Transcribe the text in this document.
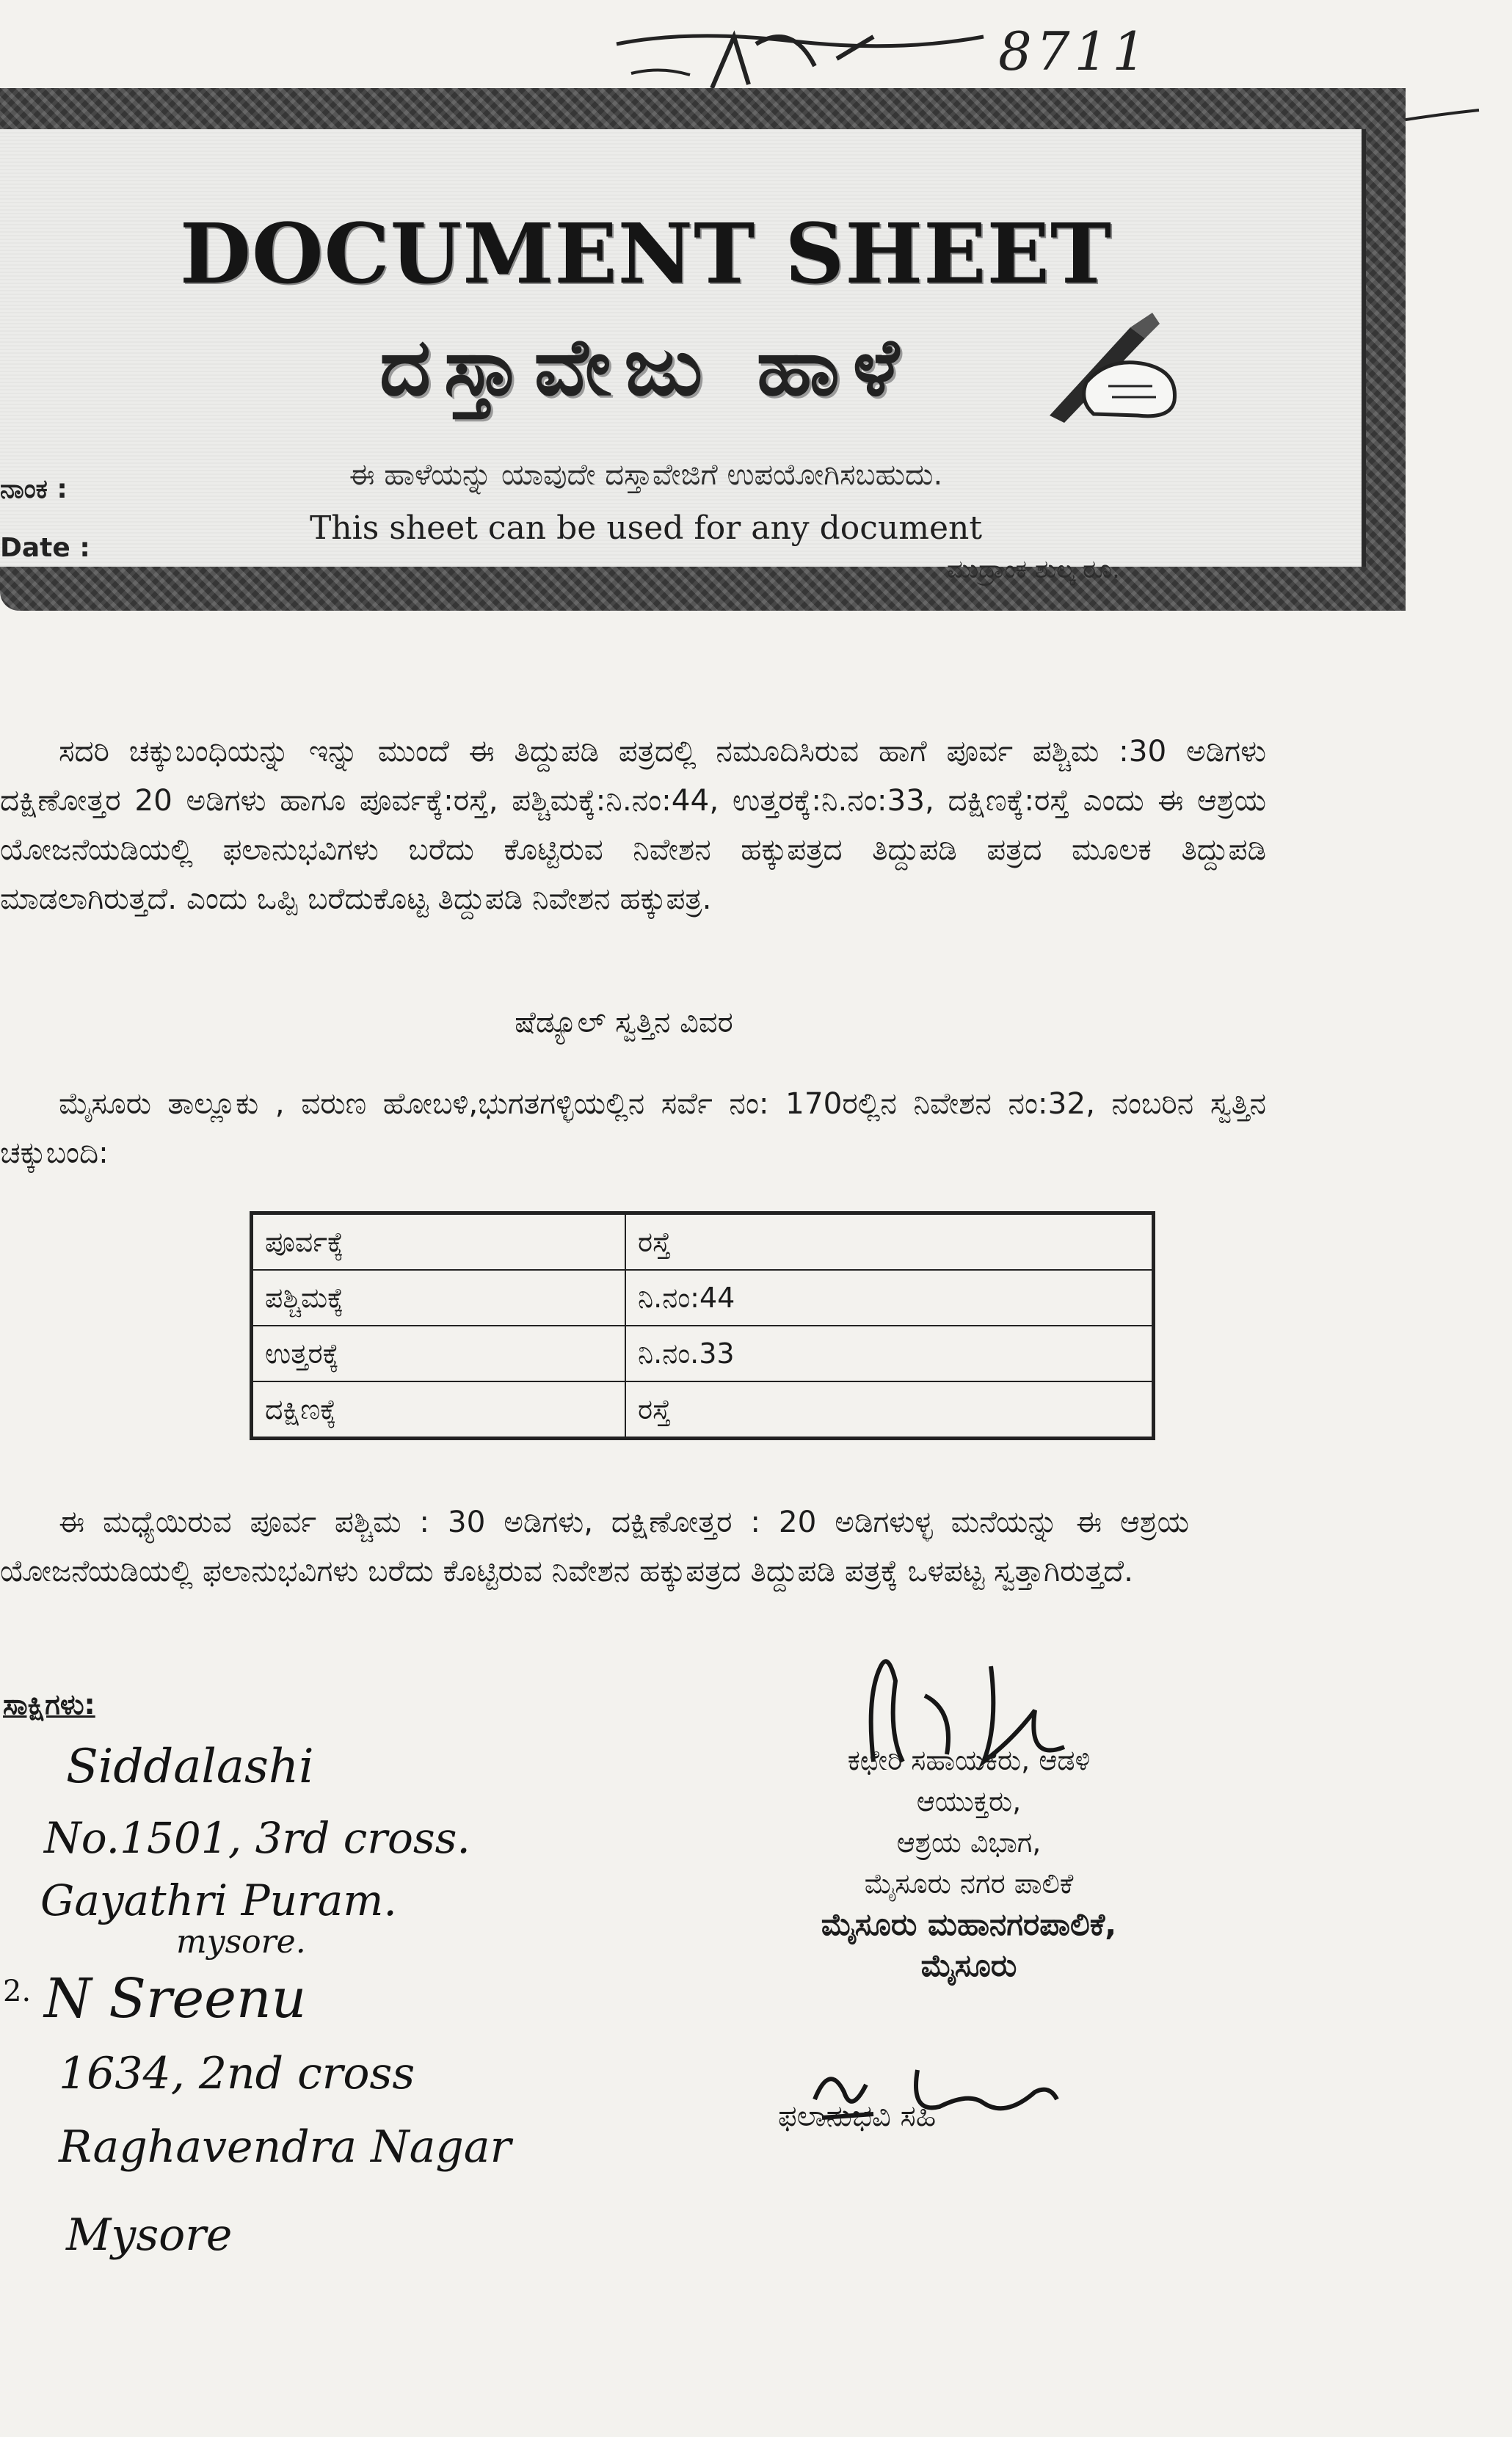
8711
DOCUMENT SHEET
ದಸ್ತಾವೇಜು ಹಾಳೆ
ಈ ಹಾಳೆಯನ್ನು ಯಾವುದೇ ದಸ್ತಾವೇಜಿಗೆ ಉಪಯೋಗಿಸಬಹುದು.
This sheet can be used for any document
ಮುದ್ರಾಂಕ ಶುಲ್ಕ ರೂ.
ನಾಂಕ :
Date :
ಸದರಿ ಚಕ್ಕುಬಂಧಿಯನ್ನು ಇನ್ನು ಮುಂದೆ ಈ ತಿದ್ದುಪಡಿ ಪತ್ರದಲ್ಲಿ ನಮೂದಿಸಿರುವ ಹಾಗೆ ಪೂರ್ವ ಪಶ್ಚಿಮ :30 ಅಡಿಗಳು ದಕ್ಷಿಣೋತ್ತರ 20 ಅಡಿಗಳು ಹಾಗೂ ಪೂರ್ವಕ್ಕೆ:ರಸ್ತೆ, ಪಶ್ಚಿಮಕ್ಕೆ:ನಿ.ನಂ:44, ಉತ್ತರಕ್ಕೆ:ನಿ.ನಂ:33, ದಕ್ಷಿಣಕ್ಕೆ:ರಸ್ತೆ ಎಂದು ಈ ಆಶ್ರಯ ಯೋಜನೆಯಡಿಯಲ್ಲಿ ಫಲಾನುಭವಿಗಳು ಬರೆದು ಕೊಟ್ಟಿರುವ ನಿವೇಶನ ಹಕ್ಕುಪತ್ರದ ತಿದ್ದುಪಡಿ ಪತ್ರದ ಮೂಲಕ ತಿದ್ದುಪಡಿ ಮಾಡಲಾಗಿರುತ್ತದೆ. ಎಂದು ಒಪ್ಪಿ ಬರೆದುಕೊಟ್ಟ ತಿದ್ದುಪಡಿ ನಿವೇಶನ ಹಕ್ಕುಪತ್ರ.
ಷೆಡ್ಯೂಲ್ ಸ್ವತ್ತಿನ ವಿವರ
ಮೈಸೂರು ತಾಲ್ಲೂಕು , ವರುಣ ಹೋಬಳಿ,ಭುಗತಗಳ್ಳಿಯಲ್ಲಿನ ಸರ್ವೆ ನಂ: 170ರಲ್ಲಿನ ನಿವೇಶನ ನಂ:32, ನಂಬರಿನ ಸ್ವತ್ತಿನ ಚಕ್ಕುಬಂದಿ:
ಪೂರ್ವಕ್ಕೆ	ರಸ್ತೆ
ಪಶ್ಚಿಮಕ್ಕೆ	ನಿ.ನಂ:44
ಉತ್ತರಕ್ಕೆ	ನಿ.ನಂ.33
ದಕ್ಷಿಣಕ್ಕೆ	ರಸ್ತೆ
ಈ ಮಧ್ಯೆಯಿರುವ ಪೂರ್ವ ಪಶ್ಚಿಮ : 30 ಅಡಿಗಳು, ದಕ್ಷಿಣೋತ್ತರ : 20 ಅಡಿಗಳುಳ್ಳ ಮನೆಯನ್ನು ಈ ಆಶ್ರಯ ಯೋಜನೆಯಡಿಯಲ್ಲಿ ಫಲಾನುಭವಿಗಳು ಬರೆದು ಕೊಟ್ಟಿರುವ ನಿವೇಶನ ಹಕ್ಕುಪತ್ರದ ತಿದ್ದುಪಡಿ ಪತ್ರಕ್ಕೆ ಒಳಪಟ್ಟ ಸ್ವತ್ತಾಗಿರುತ್ತದೆ.
ಸಾಕ್ಷಿಗಳು:
Siddalashi
No.1501, 3rd cross.
Gayathri Puram.
mysore.
2. N Sreenu
1634, 2nd cross
Raghavendra Nagar
Mysore
ಕಛೇರಿ ಸಹಾಯಕರು, ಆಡಳಿ
ಆಯುಕ್ತರು,
ಆಶ್ರಯ ವಿಭಾಗ,
ಮೈಸೂರು ನಗರ ಪಾಲಿಕೆ
ಮೈಸೂರು ಮಹಾನಗರಪಾಲಿಕೆ,
ಮೈಸೂರು
ಫಲಾನುಭವಿ ಸಹಿ
